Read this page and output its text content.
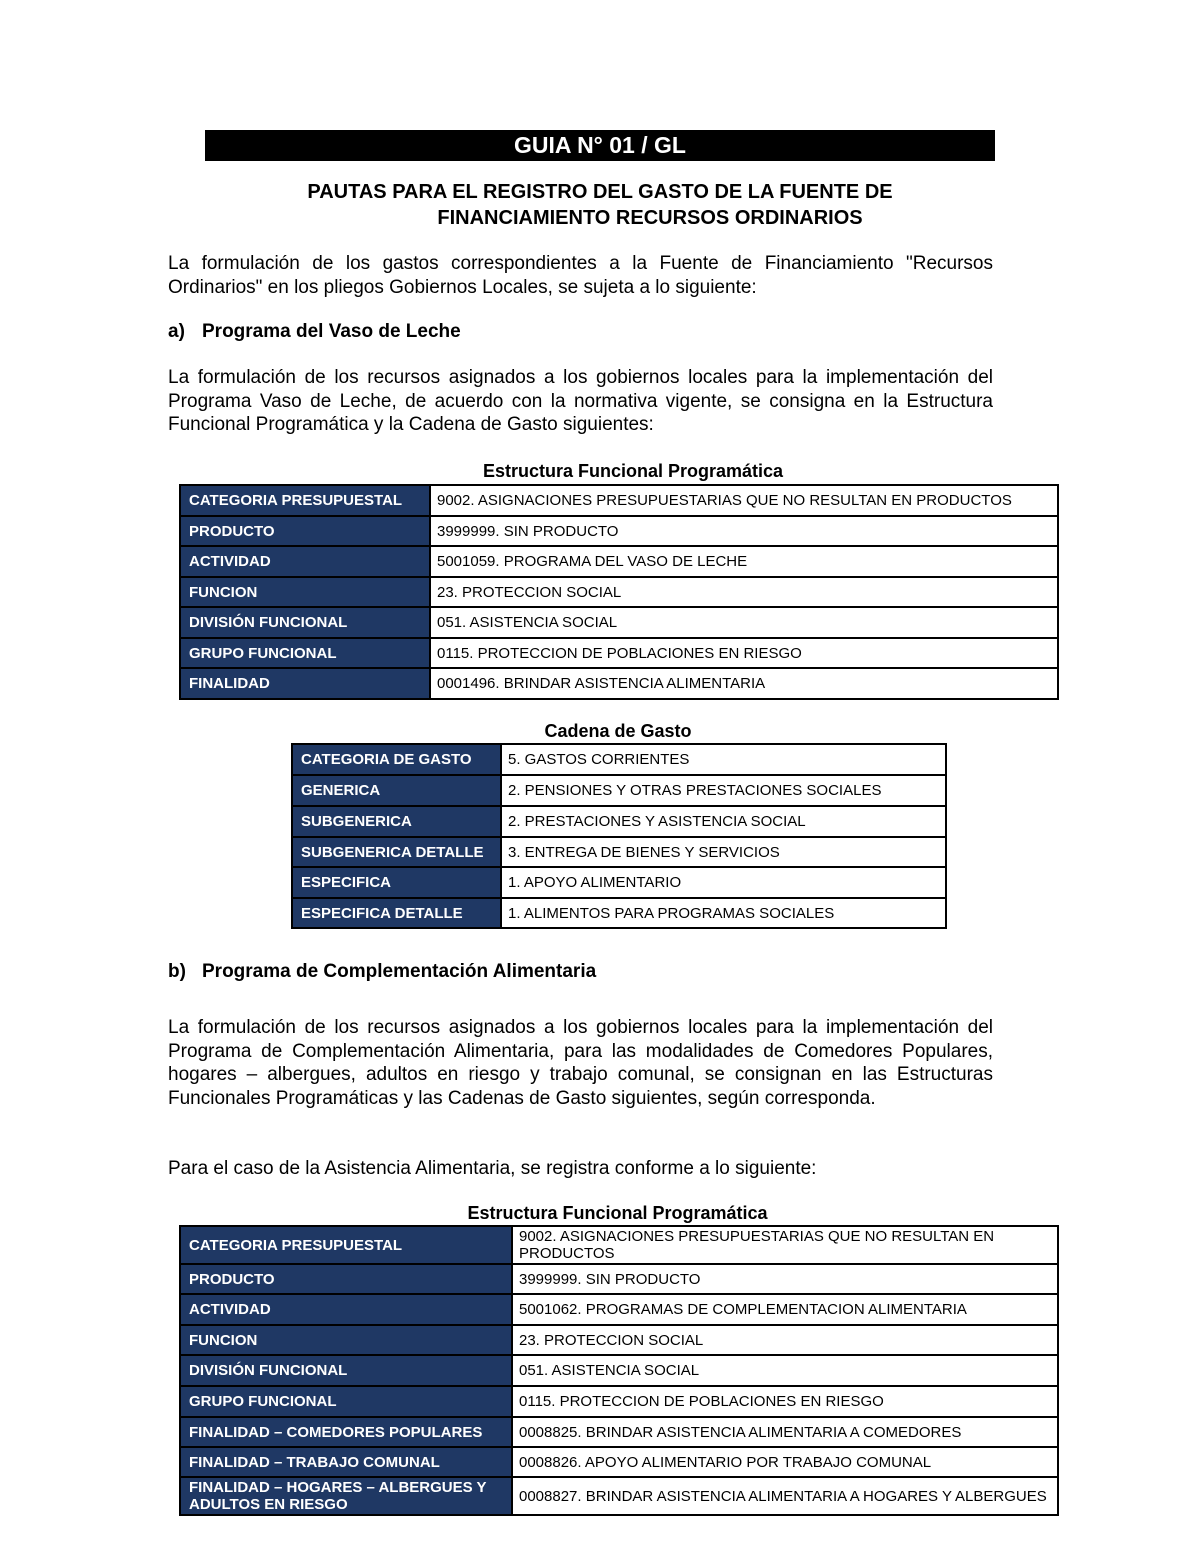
GUIA N° 01 / GL
PAUTAS PARA EL REGISTRO DEL GASTO DE LA FUENTE DE
FINANCIAMIENTO RECURSOS ORDINARIOS
La formulación de los gastos correspondientes a la Fuente de Financiamiento "Recursos Ordinarios" en los pliegos Gobiernos Locales, se sujeta a lo siguiente:
a) Programa del Vaso de Leche
La formulación de los recursos asignados a los gobiernos locales para la implementación del Programa Vaso de Leche, de acuerdo con la normativa vigente, se consigna en la Estructura Funcional Programática y la Cadena de Gasto siguientes:
Estructura Funcional Programática
CATEGORIA PRESUPUESTAL	9002. ASIGNACIONES PRESUPUESTARIAS QUE NO RESULTAN EN PRODUCTOS
PRODUCTO	3999999. SIN PRODUCTO
ACTIVIDAD	5001059. PROGRAMA DEL VASO DE LECHE
FUNCION	23. PROTECCION SOCIAL
DIVISIÓN FUNCIONAL	051. ASISTENCIA SOCIAL
GRUPO FUNCIONAL	0115. PROTECCION DE POBLACIONES EN RIESGO
FINALIDAD	0001496. BRINDAR ASISTENCIA ALIMENTARIA
Cadena de Gasto
CATEGORIA DE GASTO	5. GASTOS CORRIENTES
GENERICA	2. PENSIONES Y OTRAS PRESTACIONES SOCIALES
SUBGENERICA	2. PRESTACIONES Y ASISTENCIA SOCIAL
SUBGENERICA DETALLE	3. ENTREGA DE BIENES Y SERVICIOS
ESPECIFICA	1. APOYO ALIMENTARIO
ESPECIFICA DETALLE	1. ALIMENTOS PARA PROGRAMAS SOCIALES
b) Programa de Complementación Alimentaria
La formulación de los recursos asignados a los gobiernos locales para la implementación del Programa de Complementación Alimentaria, para las modalidades de Comedores Populares, hogares – albergues, adultos en riesgo y trabajo comunal, se consignan en las Estructuras Funcionales Programáticas y las Cadenas de Gasto siguientes, según corresponda.
Para el caso de la Asistencia Alimentaria, se registra conforme a lo siguiente:
Estructura Funcional Programática
CATEGORIA PRESUPUESTAL	9002. ASIGNACIONES PRESUPUESTARIAS QUE NO RESULTAN EN PRODUCTOS
PRODUCTO	3999999. SIN PRODUCTO
ACTIVIDAD	5001062. PROGRAMAS DE COMPLEMENTACION ALIMENTARIA
FUNCION	23. PROTECCION SOCIAL
DIVISIÓN FUNCIONAL	051. ASISTENCIA SOCIAL
GRUPO FUNCIONAL	0115. PROTECCION DE POBLACIONES EN RIESGO
FINALIDAD – COMEDORES POPULARES	0008825. BRINDAR ASISTENCIA ALIMENTARIA A COMEDORES
FINALIDAD – TRABAJO COMUNAL	0008826. APOYO ALIMENTARIO POR TRABAJO COMUNAL
FINALIDAD – HOGARES – ALBERGUES Y ADULTOS EN RIESGO	0008827. BRINDAR ASISTENCIA ALIMENTARIA A HOGARES Y ALBERGUES
